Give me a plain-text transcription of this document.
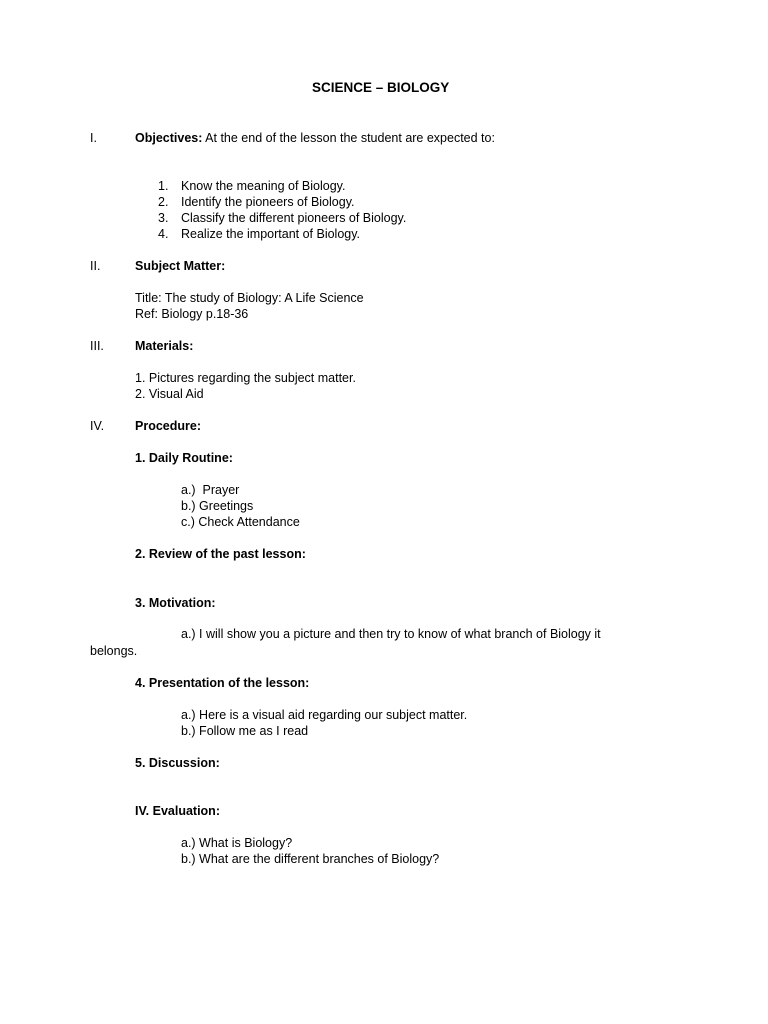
SCIENCE – BIOLOGY
I.	Objectives: At the end of the lesson the student are expected to:
1. Know the meaning of Biology.
2. Identify the pioneers of Biology.
3. Classify the different pioneers of Biology.
4. Realize the important of Biology.
II.	Subject Matter:
Title: The study of Biology: A Life Science
Ref: Biology p.18-36
III. Materials:
1. Pictures regarding the subject matter.
2. Visual Aid
IV. Procedure:
1. Daily Routine:
a.)  Prayer
b.) Greetings
c.) Check Attendance
2. Review of the past lesson:
3. Motivation:
a.) I will show you a picture and then try to know of what branch of Biology it
belongs.
4. Presentation of the lesson:
a.) Here is a visual aid regarding our subject matter.
b.) Follow me as I read
5. Discussion:
IV. Evaluation:
a.) What is Biology?
b.) What are the different branches of Biology?
